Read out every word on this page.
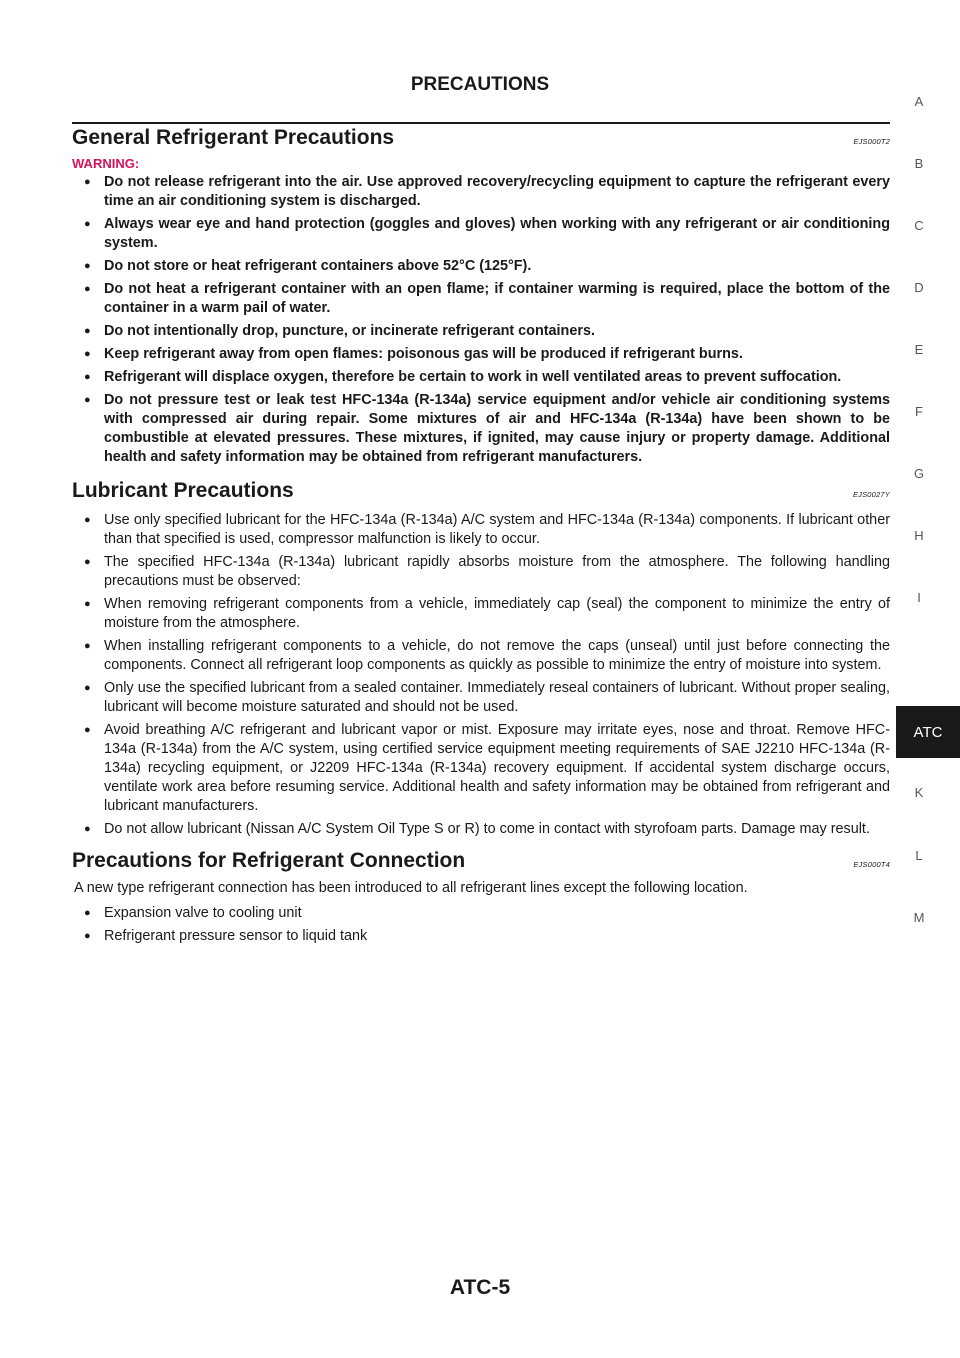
PRECAUTIONS
General Refrigerant Precautions	EJS000T2
WARNING:
● Do not release refrigerant into the air. Use approved recovery/recycling equipment to capture the refrigerant every time an air conditioning system is discharged.
● Always wear eye and hand protection (goggles and gloves) when working with any refrigerant or air conditioning system.
● Do not store or heat refrigerant containers above 52°C (125°F).
● Do not heat a refrigerant container with an open flame; if container warming is required, place the bottom of the container in a warm pail of water.
● Do not intentionally drop, puncture, or incinerate refrigerant containers.
● Keep refrigerant away from open flames: poisonous gas will be produced if refrigerant burns.
● Refrigerant will displace oxygen, therefore be certain to work in well ventilated areas to prevent suffocation.
● Do not pressure test or leak test HFC-134a (R-134a) service equipment and/or vehicle air conditioning systems with compressed air during repair. Some mixtures of air and HFC-134a (R-134a) have been shown to be combustible at elevated pressures. These mixtures, if ignited, may cause injury or property damage. Additional health and safety information may be obtained from refrigerant manufacturers.
Lubricant Precautions	EJS0027Y
● Use only specified lubricant for the HFC-134a (R-134a) A/C system and HFC-134a (R-134a) components. If lubricant other than that specified is used, compressor malfunction is likely to occur.
● The specified HFC-134a (R-134a) lubricant rapidly absorbs moisture from the atmosphere. The following handling precautions must be observed:
● When removing refrigerant components from a vehicle, immediately cap (seal) the component to minimize the entry of moisture from the atmosphere.
● When installing refrigerant components to a vehicle, do not remove the caps (unseal) until just before connecting the components. Connect all refrigerant loop components as quickly as possible to minimize the entry of moisture into system.
● Only use the specified lubricant from a sealed container. Immediately reseal containers of lubricant. Without proper sealing, lubricant will become moisture saturated and should not be used.
● Avoid breathing A/C refrigerant and lubricant vapor or mist. Exposure may irritate eyes, nose and throat. Remove HFC-134a (R-134a) from the A/C system, using certified service equipment meeting requirements of SAE J2210 HFC-134a (R-134a) recycling equipment, or J2209 HFC-134a (R-134a) recovery equipment. If accidental system discharge occurs, ventilate work area before resuming service. Additional health and safety information may be obtained from refrigerant and lubricant manufacturers.
● Do not allow lubricant (Nissan A/C System Oil Type S or R) to come in contact with styrofoam parts. Damage may result.
Precautions for Refrigerant Connection	EJS000T4
A new type refrigerant connection has been introduced to all refrigerant lines except the following location.
● Expansion valve to cooling unit
● Refrigerant pressure sensor to liquid tank
A
B
C
D
E
F
G
H
I
ATC
K
L
M
ATC-5
